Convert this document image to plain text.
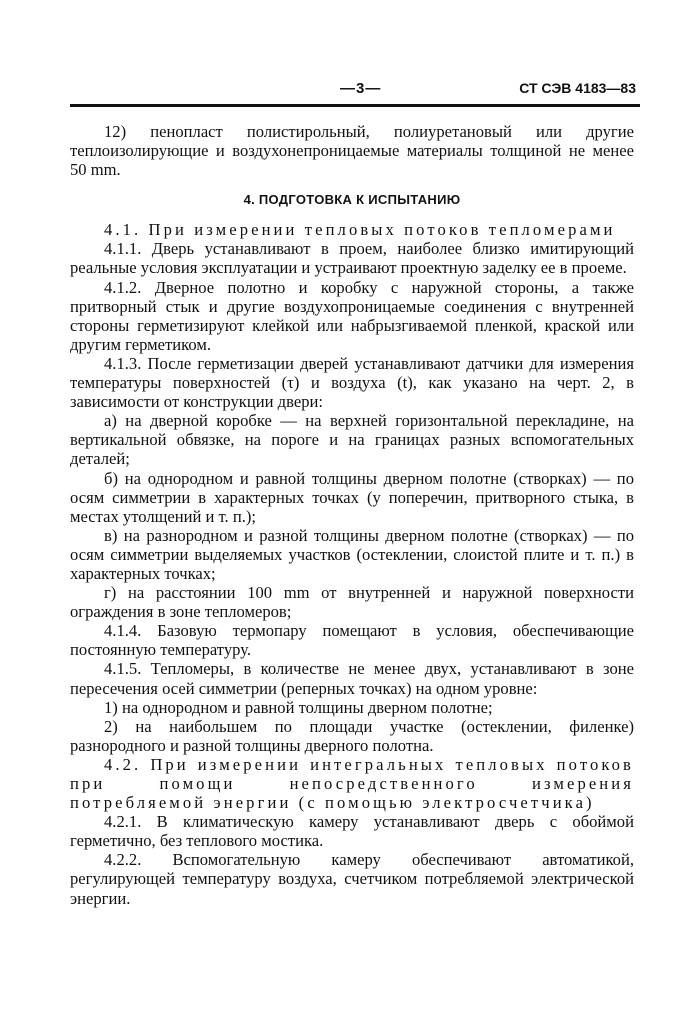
—3—	СТ СЭВ 4183—83

12) пенопласт полистирольный, полиуретановый или другие теплоизолирующие и воздухонепроницаемые материалы толщиной не менее 50 mm.

4. ПОДГОТОВКА К ИСПЫТАНИЮ

4.1. При измерении тепловых потоков тепломерами

4.1.1. Дверь устанавливают в проем, наиболее близко имитирующий реальные условия эксплуатации и устраивают проектную заделку ее в проеме.

4.1.2. Дверное полотно и коробку с наружной стороны, а также притворный стык и другие воздухопроницаемые соединения с внутренней стороны герметизируют клейкой или набрызгиваемой пленкой, краской или другим герметиком.

4.1.3. После герметизации дверей устанавливают датчики для измерения температуры поверхностей (τ) и воздуха (t), как указано на черт. 2, в зависимости от конструкции двери:

а) на дверной коробке — на верхней горизонтальной перекладине, на вертикальной обвязке, на пороге и на границах разных вспомогательных деталей;

б) на однородном и равной толщины дверном полотне (створках) — по осям симметрии в характерных точках (у поперечин, притворного стыка, в местах утолщений и т. п.);

в) на разнородном и разной толщины дверном полотне (створках) — по осям симметрии выделяемых участков (остеклении, слоистой плите и т. п.) в характерных точках;

г) на расстоянии 100 mm от внутренней и наружной поверхности ограждения в зоне тепломеров;

4.1.4. Базовую термопару помещают в условия, обеспечивающие постоянную температуру.

4.1.5. Тепломеры, в количестве не менее двух, устанавливают в зоне пересечения осей симметрии (реперных точках) на одном уровне:

1) на однородном и равной толщины дверном полотне;

2) на наибольшем по площади участке (остеклении, филенке) разнородного и разной толщины дверного полотна.

4.2. При измерении интегральных тепловых потоков при помощи непосредственного измерения потребляемой энергии (с помощью электросчетчика)

4.2.1. В климатическую камеру устанавливают дверь с обоймой герметично, без теплового мостика.

4.2.2. Вспомогательную камеру обеспечивают автоматикой, регулирующей температуру воздуха, счетчиком потребляемой электрической энергии.
